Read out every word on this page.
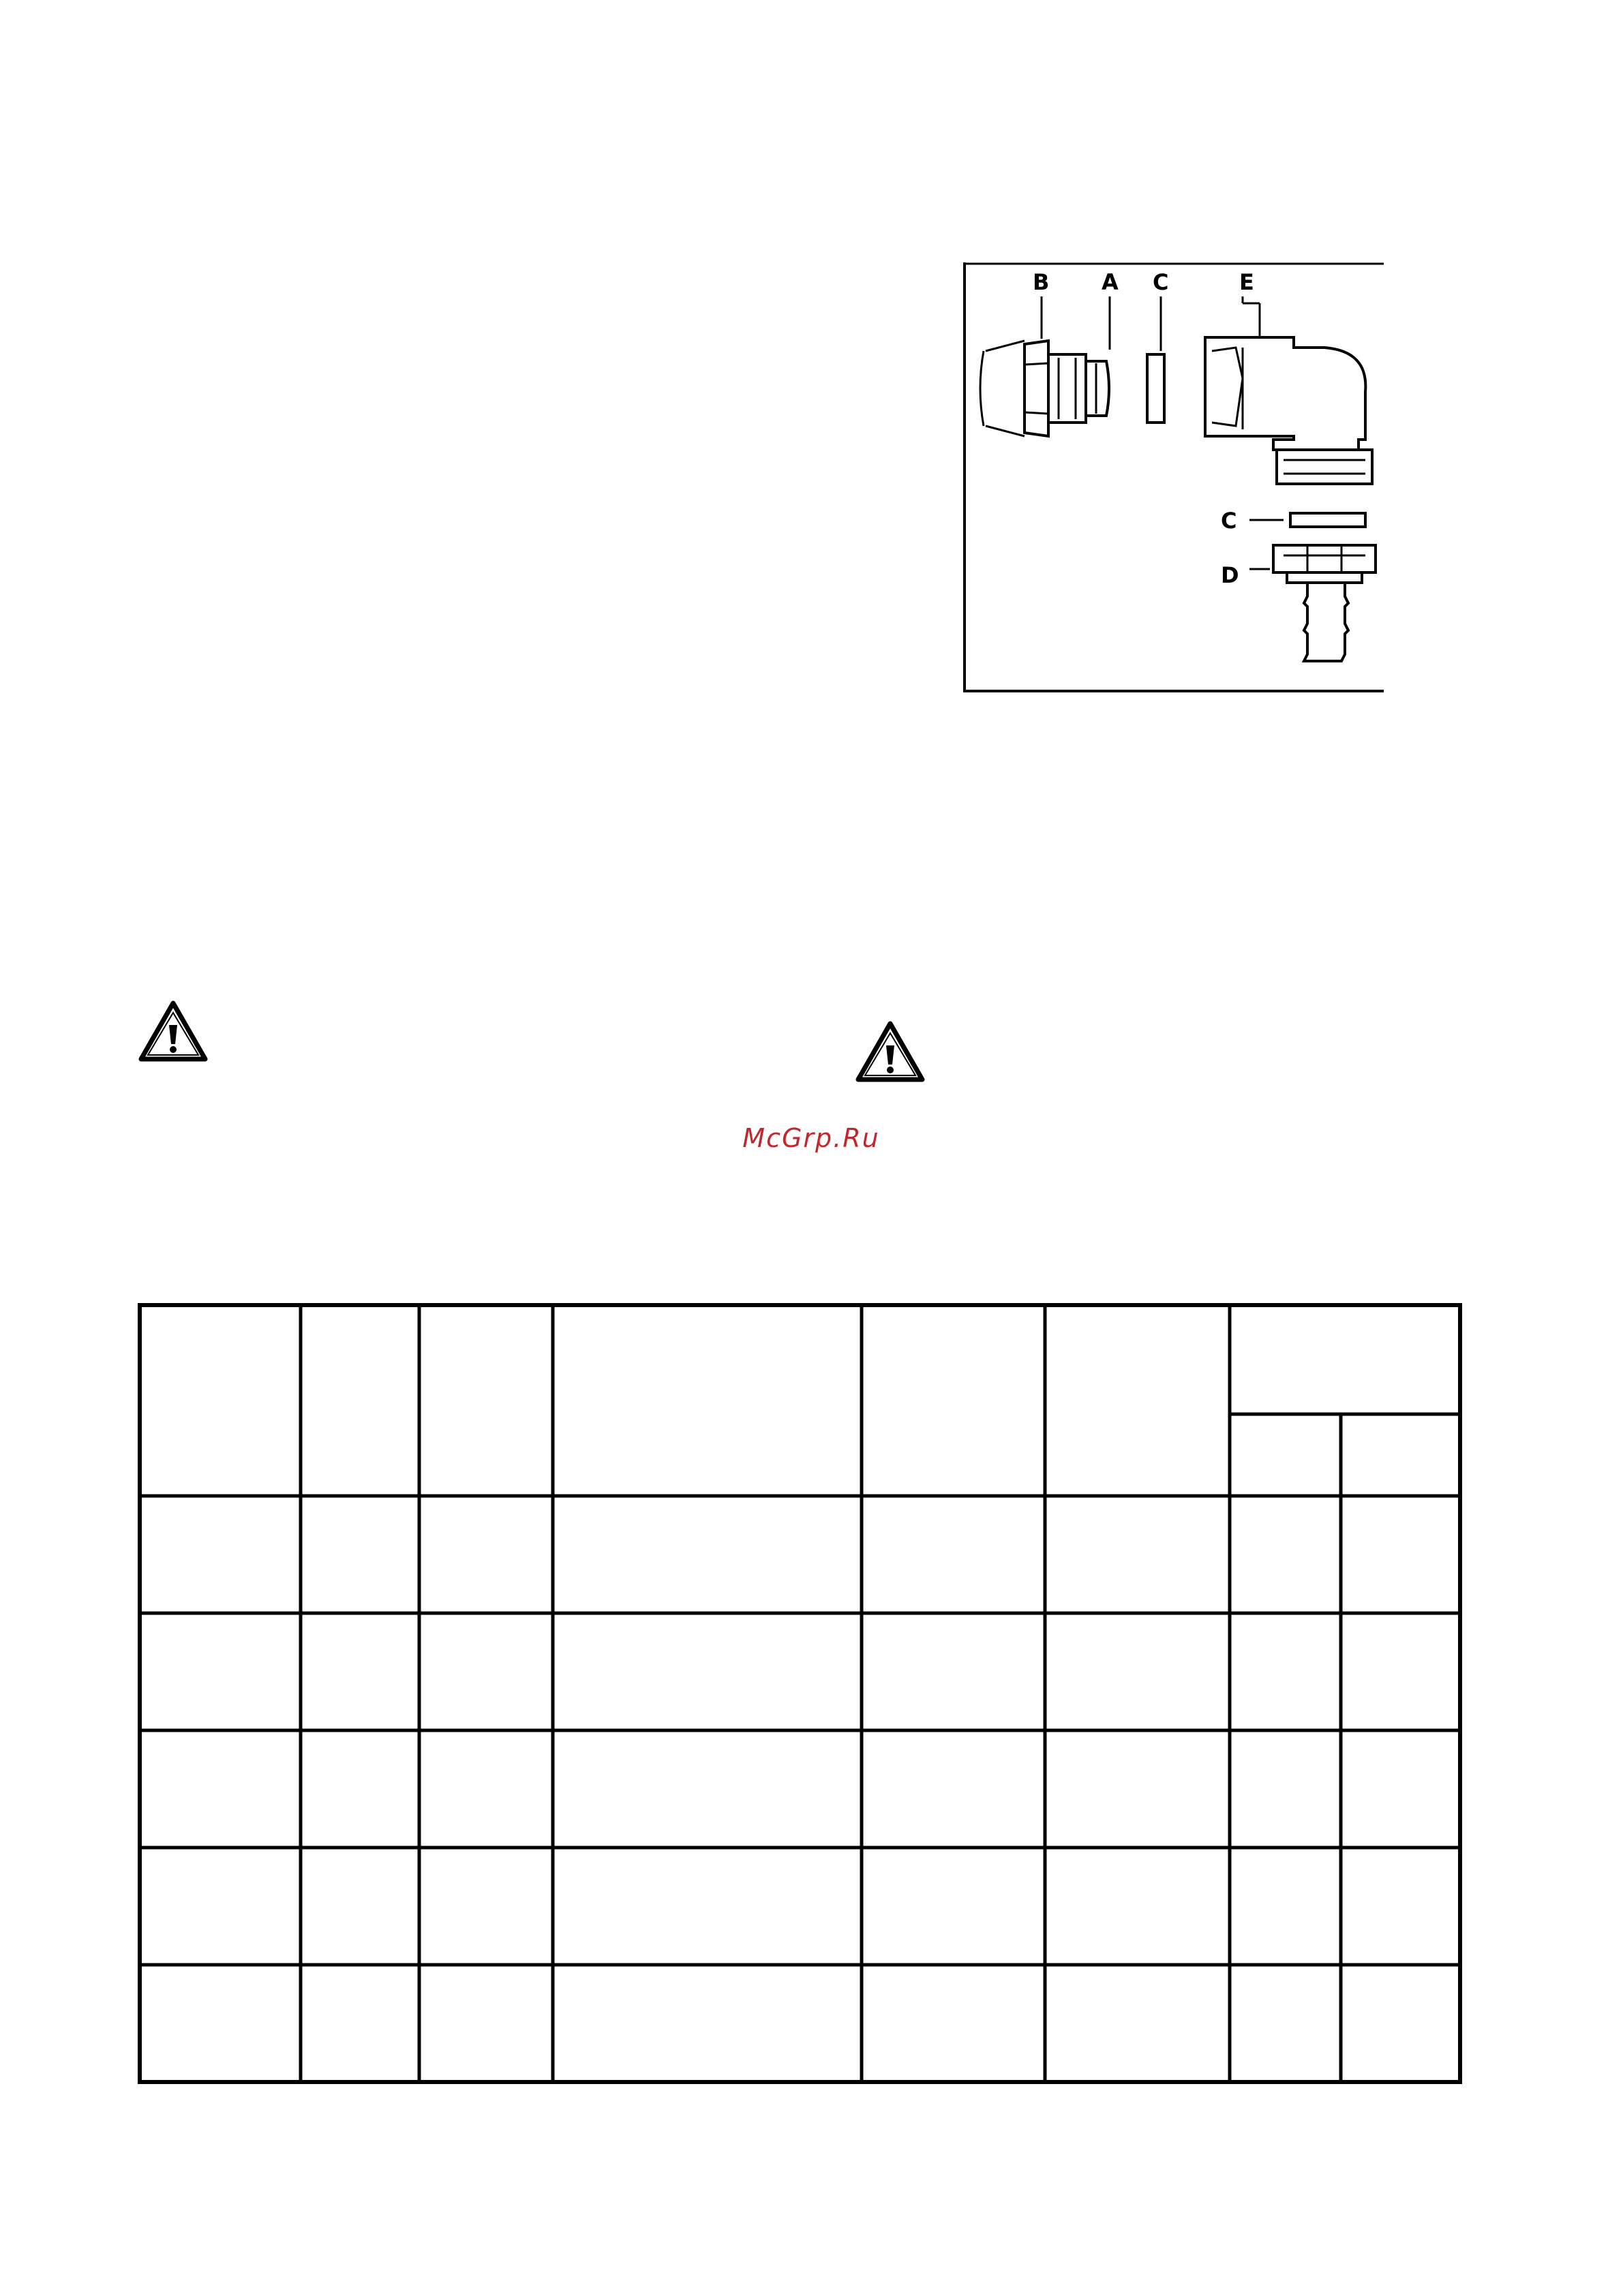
B A C	E
C
D
McGrp.Ru
